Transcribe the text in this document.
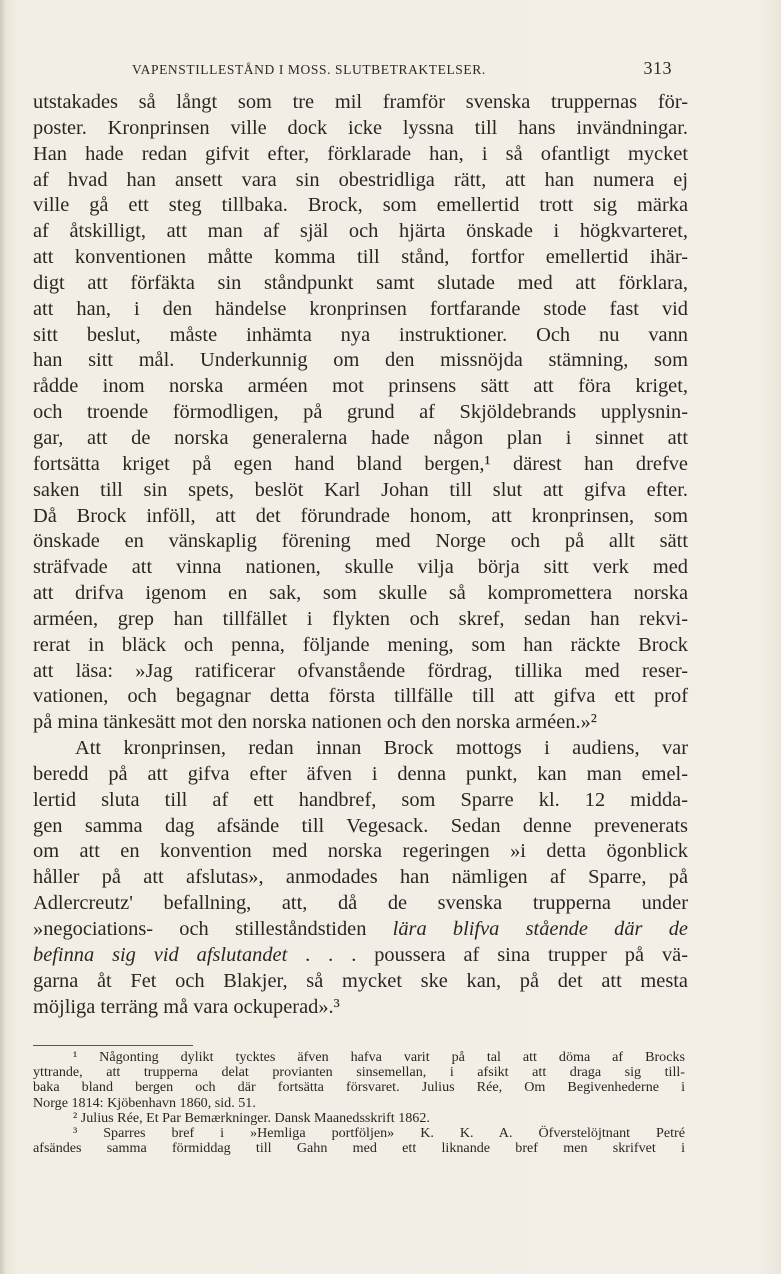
VAPENSTILLESTÅND I MOSS. SLUTBETRAKTELSER.	313
utstakades så långt som tre mil framför svenska truppernas för-
poster. Kronprinsen ville dock icke lyssna till hans invändningar.
Han hade redan gifvit efter, förklarade han, i så ofantligt mycket
af hvad han ansett vara sin obestridliga rätt, att han numera ej
ville gå ett steg tillbaka. Brock, som emellertid trott sig märka
af åtskilligt, att man af själ och hjärta önskade i högkvarteret,
att konventionen måtte komma till stånd, fortfor emellertid ihär-
digt att förfäkta sin ståndpunkt samt slutade med att förklara,
att han, i den händelse kronprinsen fortfarande stode fast vid
sitt beslut, måste inhämta nya instruktioner. Och nu vann
han sitt mål. Underkunnig om den missnöjda stämning, som
rådde inom norska arméen mot prinsens sätt att föra kriget,
och troende förmodligen, på grund af Skjöldebrands upplysnin-
gar, att de norska generalerna hade någon plan i sinnet att
fortsätta kriget på egen hand bland bergen,¹ därest han drefve
saken till sin spets, beslöt Karl Johan till slut att gifva efter.
Då Brock inföll, att det förundrade honom, att kronprinsen, som
önskade en vänskaplig förening med Norge och på allt sätt
sträfvade att vinna nationen, skulle vilja börja sitt verk med
att drifva igenom en sak, som skulle så komprometterа norska
arméen, grep han tillfället i flykten och skref, sedan han rekvi-
rerat in bläck och penna, följande mening, som han räckte Brock
att läsa: »Jag ratificerar ofvanstående fördrag, tillika med reser-
vationen, och begagnar detta första tillfälle till att gifva ett prof
på mina tänkesätt mot den norska nationen och den norska arméen.»²
Att kronprinsen, redan innan Brock mottogs i audiens, var
beredd på att gifva efter äfven i denna punkt, kan man emel-
lertid sluta till af ett handbref, som Sparre kl. 12 midda-
gen samma dag afsände till Vegesack. Sedan denne prevenerats
om att en konvention med norska regeringen »i detta ögonblick
håller på att afslutas», anmodades han nämligen af Sparre, på
Adlercreutz' befallning, att, då de svenska trupperna under
»negociations- och stilleståndstiden lära blifva stående där de
befinna sig vid afslutandet . . . poussera af sina trupper på vä-
garna åt Fet och Blakjer, så mycket ske kan, på det att mesta
möjliga terräng må vara ockuperad».³
¹ Någonting dylikt tycktes äfven hafva varit på tal att döma af Brocks
yttrande, att trupperna delat provianten sinsemellan, i afsikt att draga sig till-
baka bland bergen och där fortsätta försvaret. Julius Rée, Om Begivenhederne i
Norge 1814: Kjöbenhavn 1860, sid. 51.
² Julius Rée, Et Par Bemærkninger. Dansk Maanedsskrift 1862.
³ Sparres bref i »Hemliga portföljen» K. K. A. Öfverstelöjtnant Petré
afsändes samma förmiddag till Gahn med ett liknande bref men skrifvet i
